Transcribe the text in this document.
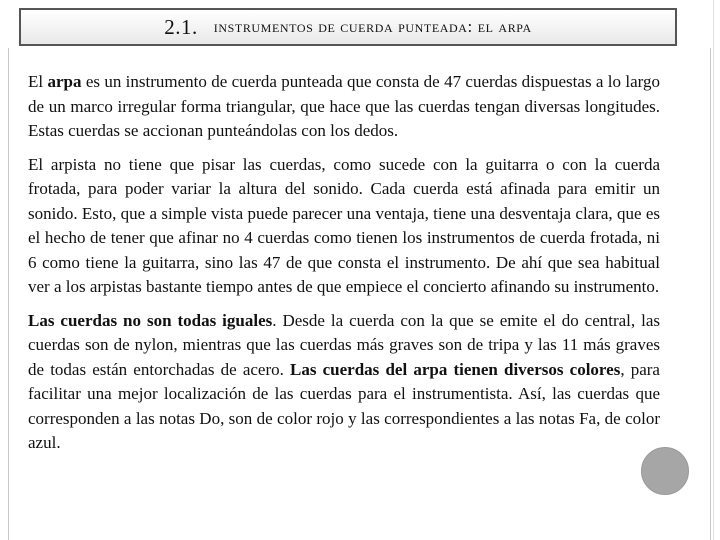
2.1. instrumentos de cuerda punteada: el arpa

El arpa es un instrumento de cuerda punteada que consta de 47 cuerdas dispuestas a lo largo de un marco irregular forma triangular, que hace que las cuerdas tengan diversas longitudes. Estas cuerdas se accionan punteándolas con los dedos.

El arpista no tiene que pisar las cuerdas, como sucede con la guitarra o con la cuerda frotada, para poder variar la altura del sonido. Cada cuerda está afinada para emitir un sonido. Esto, que a simple vista puede parecer una ventaja, tiene una desventaja clara, que es el hecho de tener que afinar no 4 cuerdas como tienen los instrumentos de cuerda frotada, ni 6 como tiene la guitarra, sino las 47 de que consta el instrumento. De ahí que sea habitual ver a los arpistas bastante tiempo antes de que empiece el concierto afinando su instrumento.

Las cuerdas no son todas iguales. Desde la cuerda con la que se emite el do central, las cuerdas son de nylon, mientras que las cuerdas más graves son de tripa y las 11 más graves de todas están entorchadas de acero. Las cuerdas del arpa tienen diversos colores, para facilitar una mejor localización de las cuerdas para el instrumentista. Así, las cuerdas que corresponden a las notas Do, son de color rojo y las correspondientes a las notas Fa, de color azul.
